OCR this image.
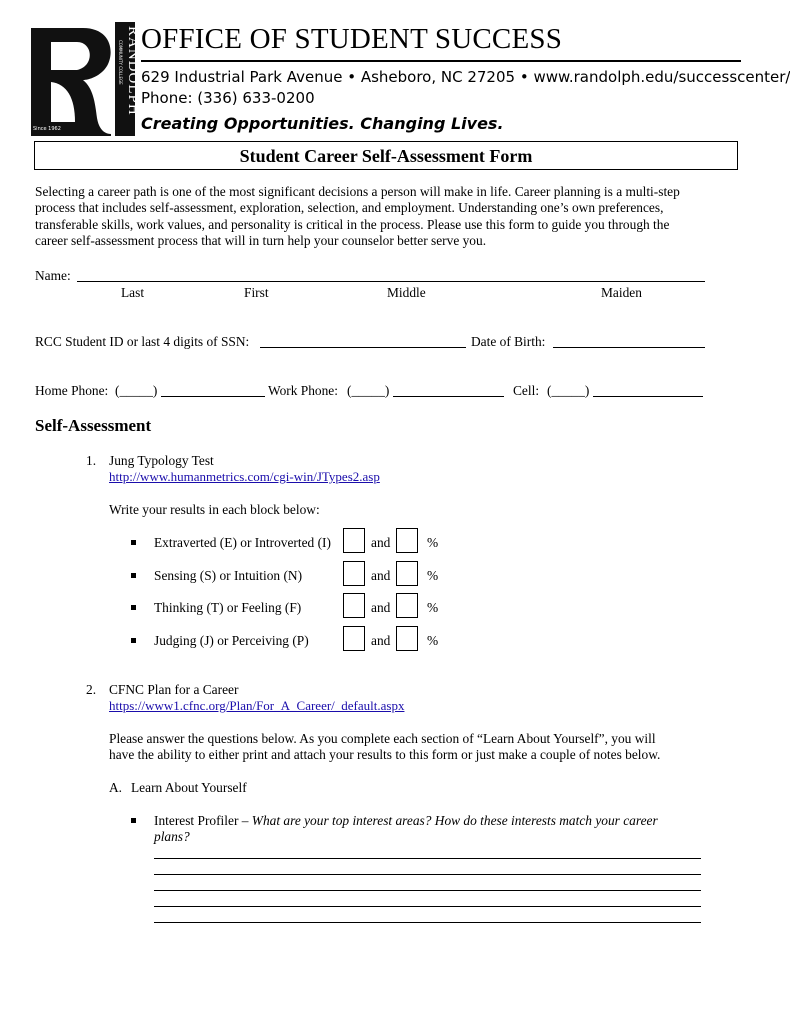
RANDOLPH
COMMUNITY COLLEGE
Since 1962
OFFICE OF STUDENT SUCCESS
629 Industrial Park Avenue • Asheboro, NC 27205 • www.randolph.edu/successcenter/
Phone: (336) 633-0200
Creating Opportunities. Changing Lives.
Student Career Self-Assessment Form
Selecting a career path is one of the most significant decisions a person will make in life. Career planning is a multi-step
process that includes self-assessment, exploration, selection, and employment. Understanding one’s own preferences,
transferable skills, work values, and personality is critical in the process. Please use this form to guide you through the
career self-assessment process that will in turn help your counselor better serve you.
Name:
Last	First	Middle	Maiden
RCC Student ID or last 4 digits of SSN:	Date of Birth:
Home Phone: (_____)	Work Phone: (_____)	Cell: (_____)
Self-Assessment
1. Jung Typology Test
http://www.humanmetrics.com/cgi-win/JTypes2.asp
Write your results in each block below:
Extraverted (E) or Introverted (I)	and	%
Sensing (S) or Intuition (N)	and	%
Thinking (T) or Feeling (F)	and	%
Judging (J) or Perceiving (P)	and	%
2. CFNC Plan for a Career
https://www1.cfnc.org/Plan/For_A_Career/_default.aspx
Please answer the questions below. As you complete each section of “Learn About Yourself”, you will
have the ability to either print and attach your results to this form or just make a couple of notes below.
A. Learn About Yourself
Interest Profiler – What are your top interest areas? How do these interests match your career
plans?
